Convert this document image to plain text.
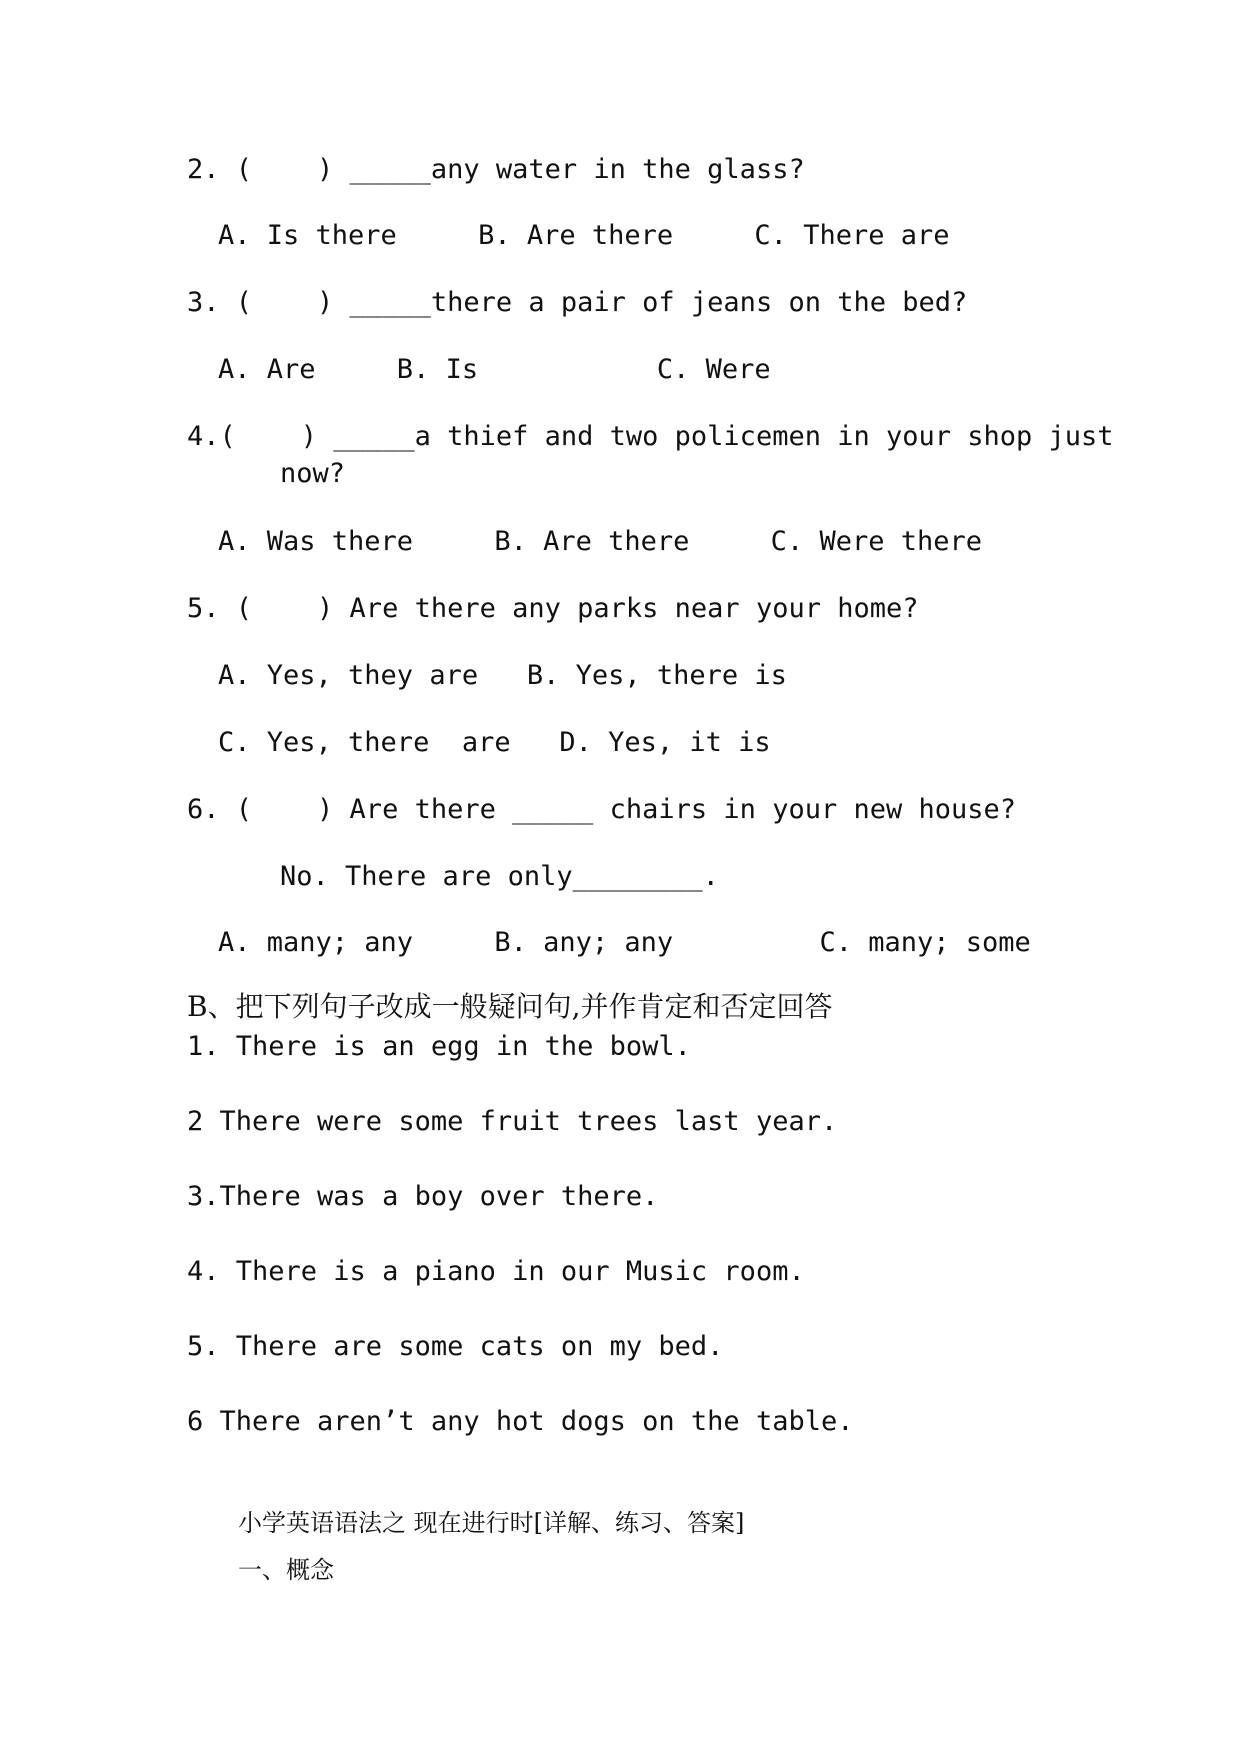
2. (    ) _____any water in the glass?
A. Is there     B. Are there     C. There are
3. (    ) _____there a pair of jeans on the bed?
A. Are     B. Is           C. Were
4.(    ) _____a thief and two policemen in your shop just
now?
A. Was there     B. Are there     C. Were there
5. (    ) Are there any parks near your home?
A. Yes, they are   B. Yes, there is
C. Yes, there  are   D. Yes, it is
6. (    ) Are there _____ chairs in your new house?
No. There are only________.
A. many; any     B. any; any         C. many; some
B、把下列句子改成一般疑问句,并作肯定和否定回答
1. There is an egg in the bowl.
2 There were some fruit trees last year.
3.There was a boy over there.
4. There is a piano in our Music room.
5. There are some cats on my bed.
6 There aren’t any hot dogs on the table.
小学英语语法之 现在进行时[详解、练习、答案]
一、概念
